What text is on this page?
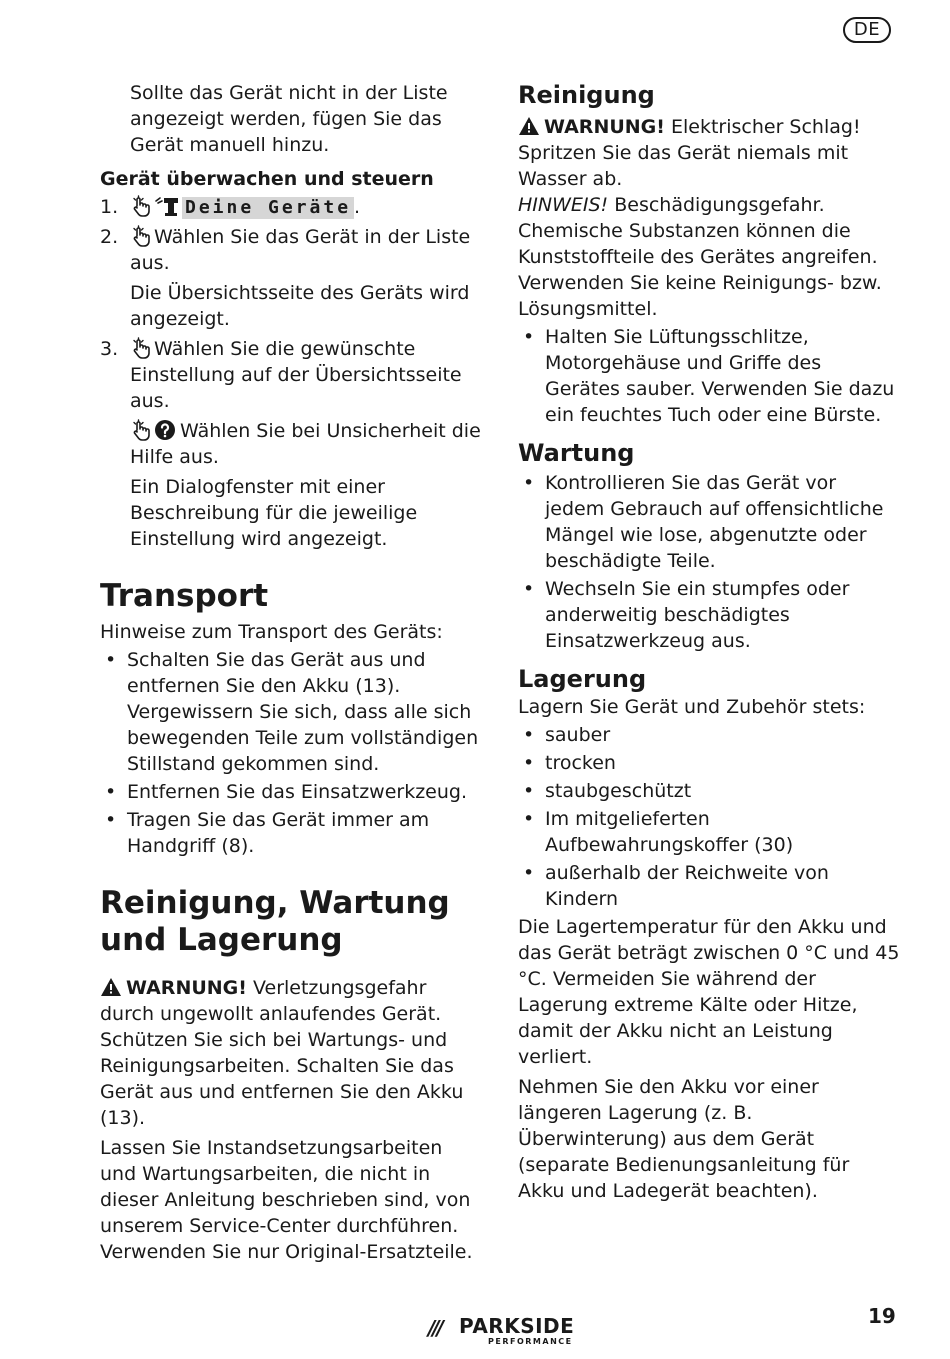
DE

Sollte das Gerät nicht in der Liste angezeigt werden, fügen Sie das Gerät manuell hinzu.

Gerät überwachen und steuern
1.	Deine Geräte .
2. Wählen Sie das Gerät in der Liste aus.
Die Übersichtsseite des Geräts wird angezeigt.
3. Wählen Sie die gewünschte Einstellung auf der Übersichtsseite aus.
Wählen Sie bei Unsicherheit die Hilfe aus.
Ein Dialogfenster mit einer Beschreibung für die jeweilige Einstellung wird angezeigt.
Transport

Hinweise zum Transport des Geräts:

• Schalten Sie das Gerät aus und entfernen Sie den Akku (13). Vergewissern Sie sich, dass alle sich bewegenden Teile zum vollständigen Stillstand gekommen sind.
• Entfernen Sie das Einsatzwerkzeug.
• Tragen Sie das Gerät immer am Handgriff (8).
Reinigung, Wartung und Lagerung

WARNUNG! Verletzungsgefahr durch ungewollt anlaufendes Gerät. Schützen Sie sich bei Wartungs- und Reinigungsarbeiten. Schalten Sie das Gerät aus und entfernen Sie den Akku (13).

Lassen Sie Instandsetzungsarbeiten und Wartungsarbeiten, die nicht in dieser Anleitung beschrieben sind, von unserem Service-Center durchführen. Verwenden Sie nur Original-Ersatzteile.

Reinigung

WARNUNG! Elektrischer Schlag! Spritzen Sie das Gerät niemals mit Wasser ab.

HINWEIS! Beschädigungsgefahr. Chemische Substanzen können die Kunststoffteile des Gerätes angreifen. Verwenden Sie keine Reinigungs- bzw. Lösungsmittel.

• Halten Sie Lüftungsschlitze, Motorgehäuse und Griffe des Gerätes sauber. Verwenden Sie dazu ein feuchtes Tuch oder eine Bürste.
Wartung
• Kontrollieren Sie das Gerät vor jedem Gebrauch auf offensichtliche Mängel wie lose, abgenutzte oder beschädigte Teile.
• Wechseln Sie ein stumpfes oder anderweitig beschädigtes Einsatzwerkzeug aus.
Lagerung

Lagern Sie Gerät und Zubehör stets:

• sauber
• trocken
• staubgeschützt
• Im mitgelieferten Aufbewahrungskoffer (30)
• außerhalb der Reichweite von Kindern

Die Lagertemperatur für den Akku und das Gerät beträgt zwischen 0 °C und 45 °C. Vermeiden Sie während der Lagerung extreme Kälte oder Hitze, damit der Akku nicht an Leistung verliert.

Nehmen Sie den Akku vor einer längeren Lagerung (z. B. Überwinterung) aus dem Gerät (separate Bedienungsanleitung für Akku und Ladegerät beachten).

/// PARKSIDE
PERFORMANCE
19
